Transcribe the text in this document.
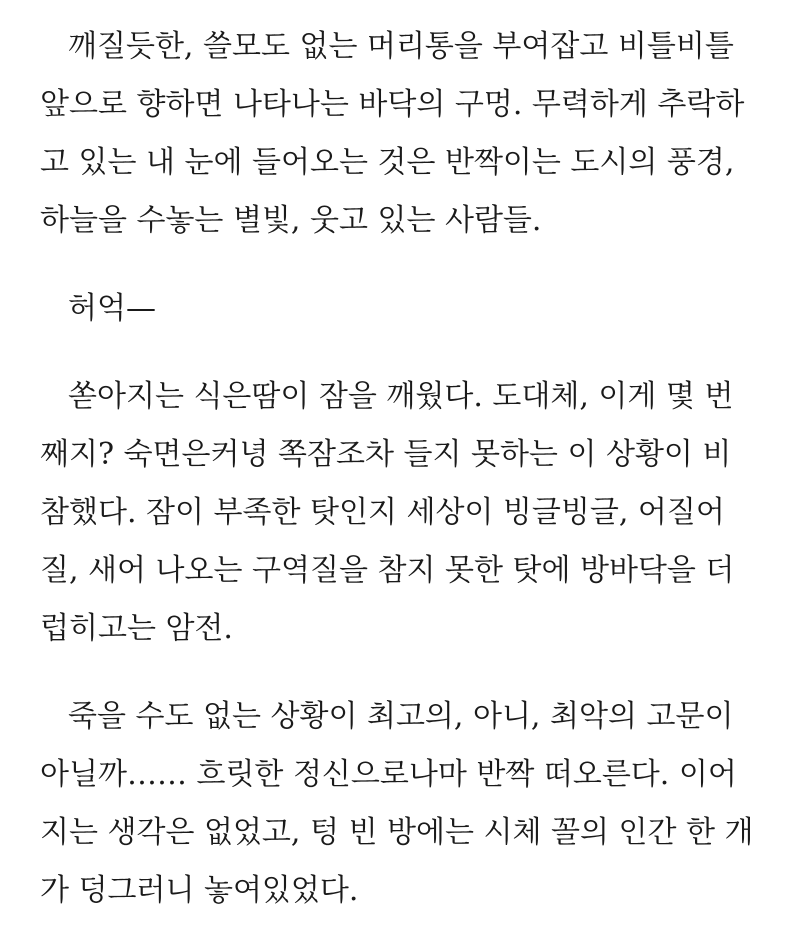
깨질듯한, 쓸모도 없는 머리통을 부여잡고 비틀비틀
앞으로 향하면 나타나는 바닥의 구멍. 무력하게 추락하
고 있는 내 눈에 들어오는 것은 반짝이는 도시의 풍경,
하늘을 수놓는 별빛, 웃고 있는 사람들.
허억—
쏟아지는 식은땀이 잠을 깨웠다. 도대체, 이게 몇 번
째지? 숙면은커녕 쪽잠조차 들지 못하는 이 상황이 비
참했다. 잠이 부족한 탓인지 세상이 빙글빙글, 어질어
질, 새어 나오는 구역질을 참지 못한 탓에 방바닥을 더
럽히고는 암전.
죽을 수도 없는 상황이 최고의, 아니, 최악의 고문이
아닐까…… 흐릿한 정신으로나마 반짝 떠오른다. 이어
지는 생각은 없었고, 텅 빈 방에는 시체 꼴의 인간 한 개
가 덩그러니 놓여있었다.
